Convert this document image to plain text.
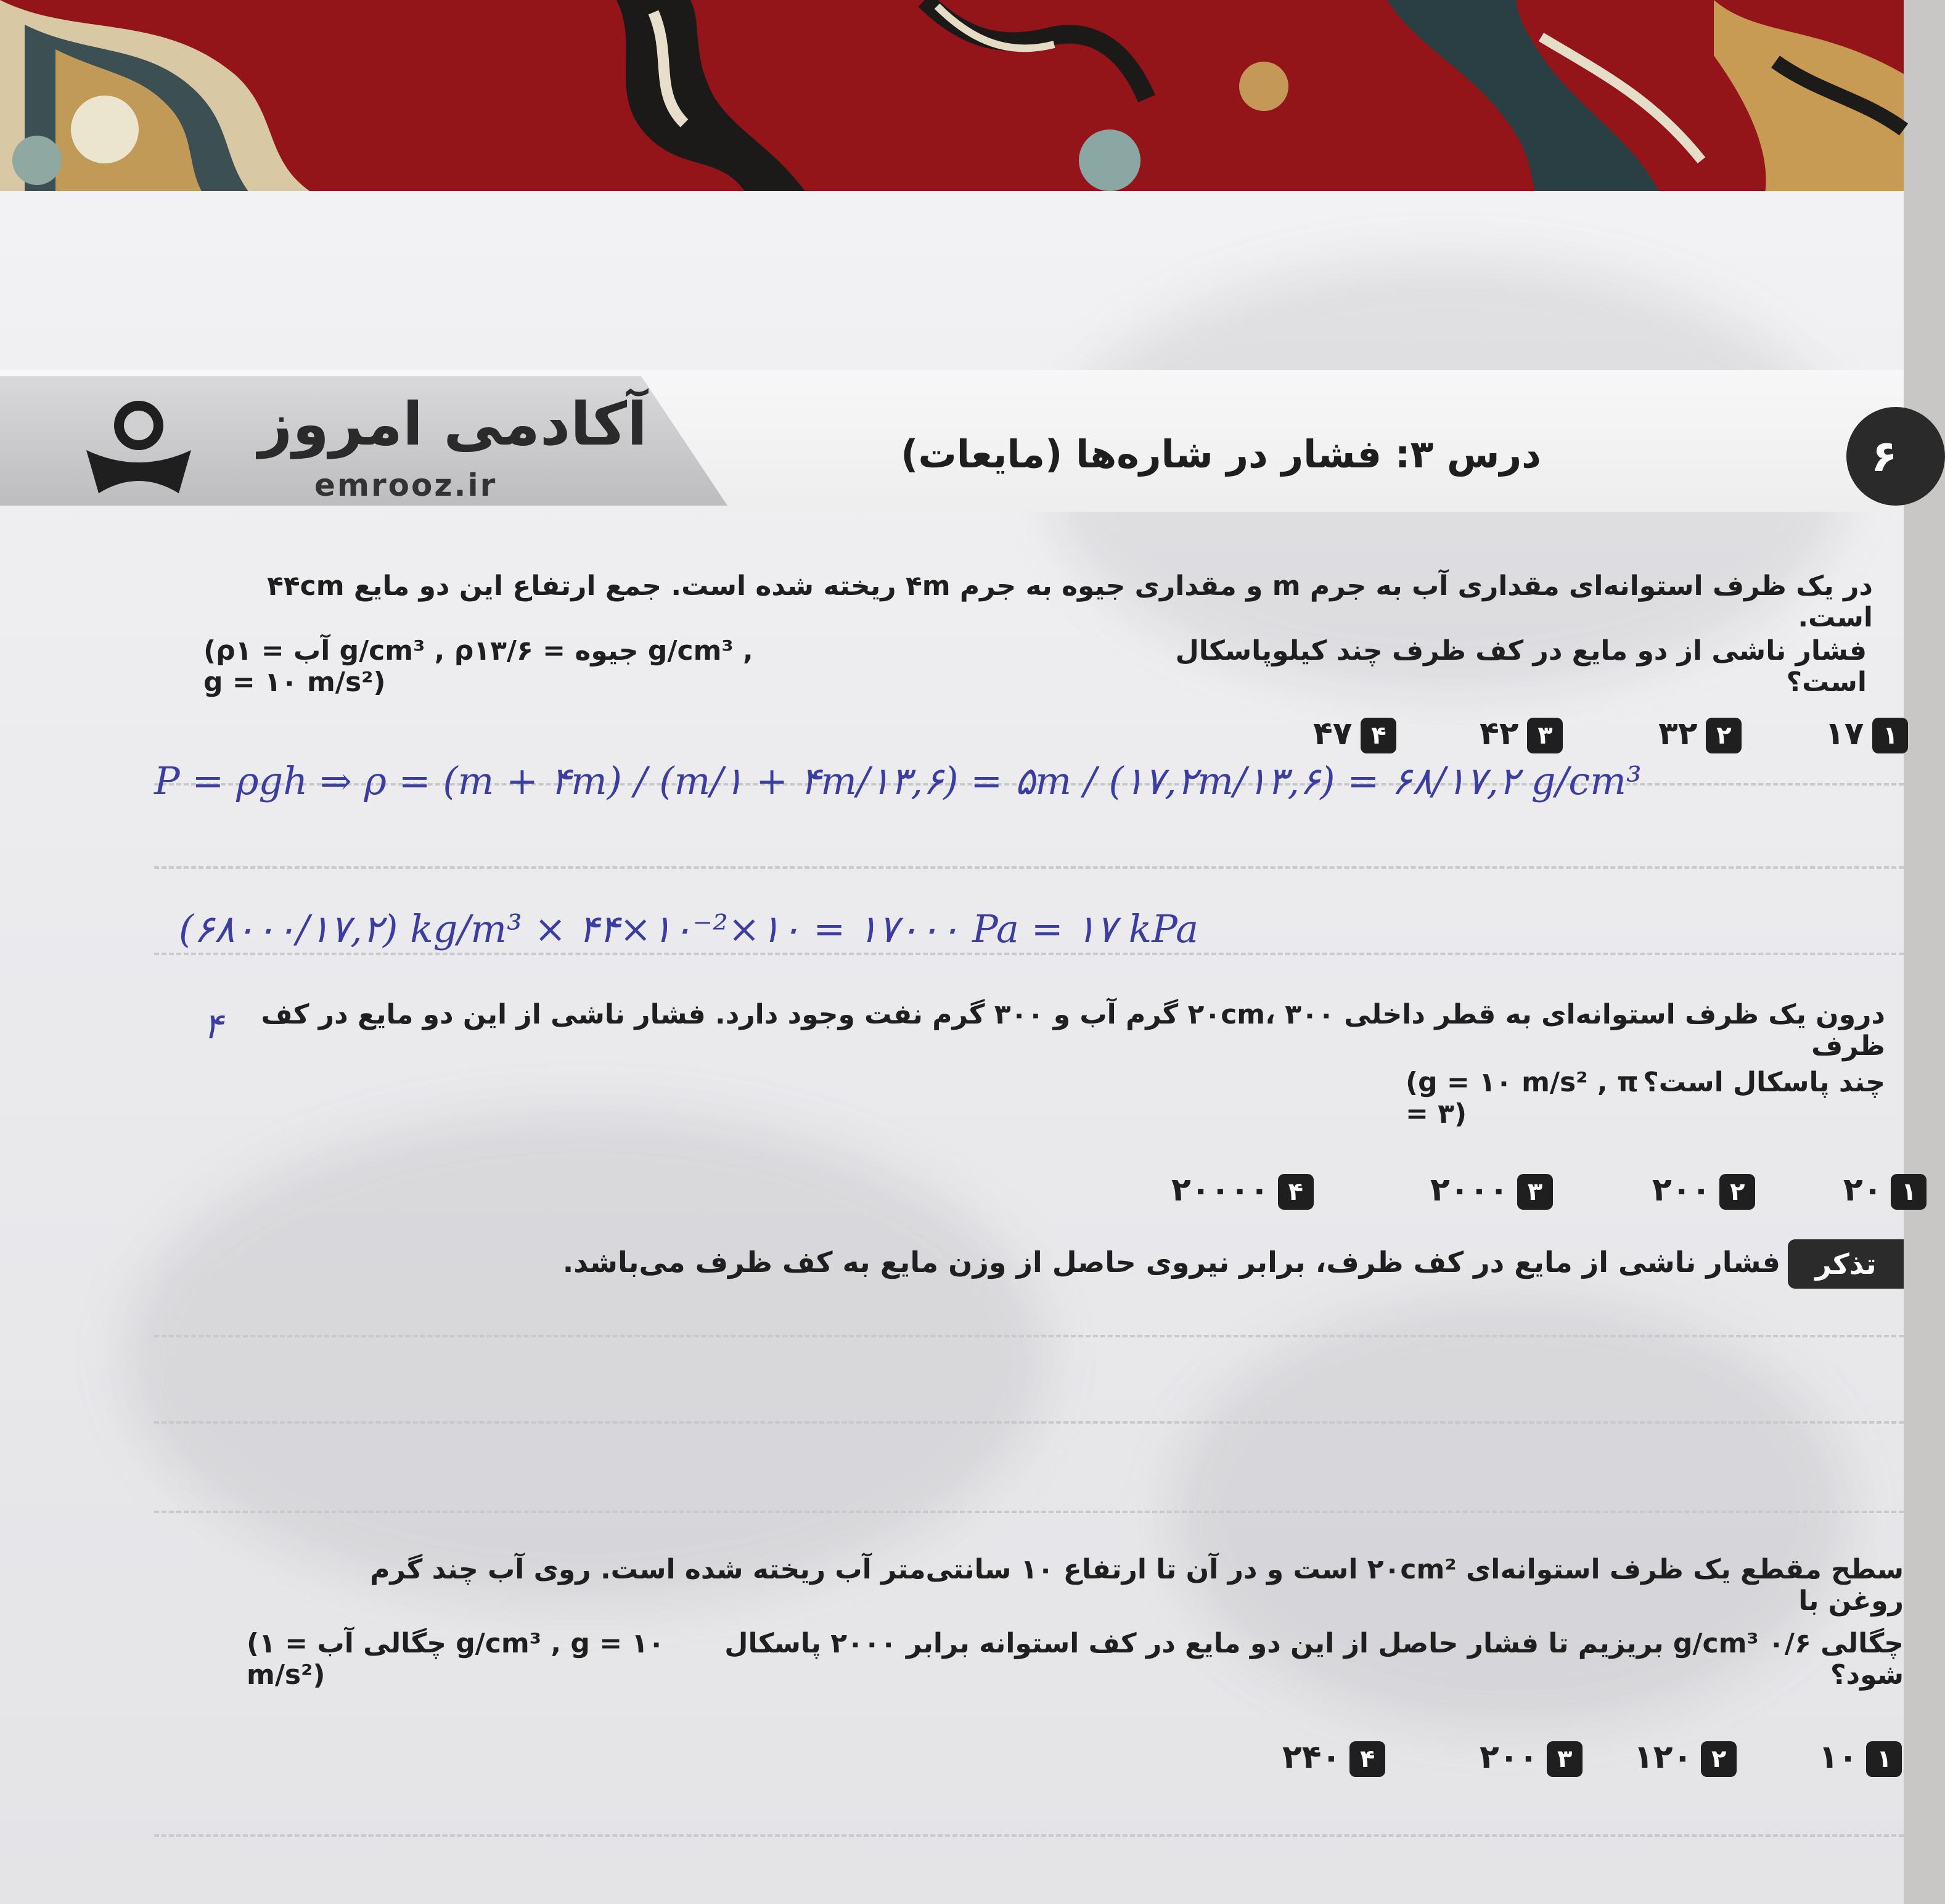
آکادمی امروز
emrooz.ir
درس ۳: فشار در شاره‌ها (مایعات)	۶
در یک ظرف استوانه‌ای مقداری آب به جرم m و مقداری جیوه به جرم ۴m ریخته شده است. جمع ارتفاع این دو مایع ۴۴cm است.
فشار ناشی از دو مایع در کف ظرف چند کیلوپاسکال است؟
(ρآب = ۱ g/cm³ , ρجیوه = ۱۳/۶ g/cm³ , g = ۱۰ m/s²)
۱۱۷
۲۳۲
۳۴۲
۴۴۷
P = ρgh ⇒ ρ = (m + ۴m) / (m/۱ + ۴m/۱۳,۶) = ۵m / (۱۷,۲m/۱۳,۶) = ۶۸/۱۷,۲ g/cm³
(۶۸۰۰۰/۱۷,۲) kg/m³ × ۴۴×۱۰⁻²×۱۰ = ۱۷۰۰۰ Pa = ۱۷ kPa
۴	درون یک ظرف استوانه‌ای به قطر داخلی ۲۰cm، ۳۰۰ گرم آب و ۳۰۰ گرم نفت وجود دارد. فشار ناشی از این دو مایع در کف ظرف
چند پاسکال است؟
(g = ۱۰ m/s² , π = ۳)
۱۲۰
۲۲۰۰
۳۲۰۰۰
۴۲۰۰۰۰
تذکر
فشار ناشی از مایع در کف ظرف، برابر نیروی حاصل از وزن مایع به کف ظرف می‌باشد.
سطح مقطع یک ظرف استوانه‌ای ۲۰cm² است و در آن تا ارتفاع ۱۰ سانتی‌متر آب ریخته شده است. روی آب چند گرم روغن با
چگالی ۰/۶ g/cm³ بریزیم تا فشار حاصل از این دو مایع در کف استوانه برابر ۲۰۰۰ پاسکال شود؟
(چگالی آب = ۱ g/cm³ , g = ۱۰ m/s²)
۱۱۰
۲۱۲۰
۳۲۰۰
۴۲۴۰
